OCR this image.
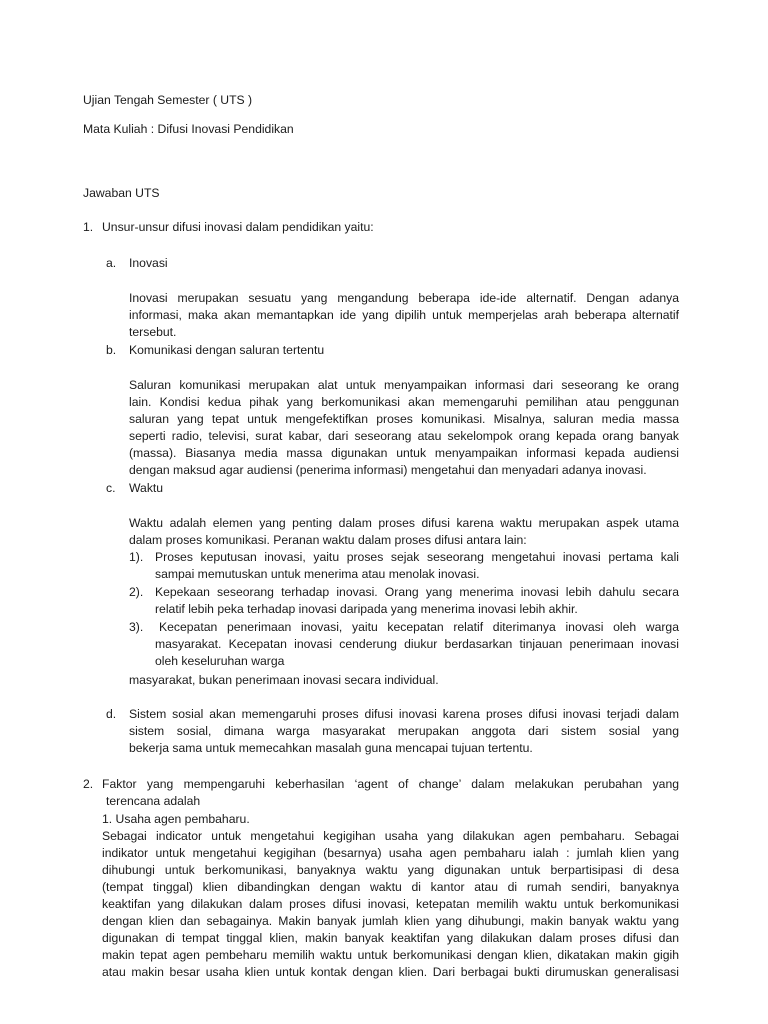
Ujian Tengah Semester ( UTS )
Mata Kuliah : Difusi Inovasi Pendidikan
Jawaban UTS
1. Unsur-unsur difusi inovasi dalam pendidikan yaitu:
a. Inovasi
Inovasi merupakan sesuatu yang mengandung beberapa ide-ide alternatif. Dengan adanya
informasi, maka akan memantapkan ide yang dipilih untuk memperjelas arah beberapa alternatif
tersebut.
b. Komunikasi dengan saluran tertentu
Saluran komunikasi merupakan alat untuk menyampaikan informasi dari seseorang ke orang
lain. Kondisi kedua pihak yang berkomunikasi akan memengaruhi pemilihan atau penggunan
saluran yang tepat untuk mengefektifkan proses komunikasi. Misalnya, saluran media massa
seperti radio, televisi, surat kabar, dari seseorang atau sekelompok orang kepada orang banyak
(massa). Biasanya media massa digunakan untuk menyampaikan informasi kepada audiensi
dengan maksud agar audiensi (penerima informasi) mengetahui dan menyadari adanya inovasi.
c. Waktu
Waktu adalah elemen yang penting dalam proses difusi karena waktu merupakan aspek utama
dalam proses komunikasi. Peranan waktu dalam proses difusi antara lain:
1). Proses keputusan inovasi, yaitu proses sejak seseorang mengetahui inovasi pertama kali
sampai memutuskan untuk menerima atau menolak inovasi.
2). Kepekaan seseorang terhadap inovasi. Orang yang menerima inovasi lebih dahulu secara
relatif lebih peka terhadap inovasi daripada yang menerima inovasi lebih akhir.
3). Kecepatan penerimaan inovasi, yaitu kecepatan relatif diterimanya inovasi oleh warga
masyarakat. Kecepatan inovasi cenderung diukur berdasarkan tinjauan penerimaan inovasi
oleh keseluruhan warga
masyarakat, bukan penerimaan inovasi secara individual.
d. Sistem sosial akan memengaruhi proses difusi inovasi karena proses difusi inovasi terjadi dalam
sistem sosial, dimana warga masyarakat merupakan anggota dari sistem sosial yang
bekerja sama untuk memecahkan masalah guna mencapai tujuan tertentu.
2. Faktor yang mempengaruhi keberhasilan ‘agent of change’ dalam melakukan perubahan yang
terencana adalah
1. Usaha agen pembaharu.
Sebagai indicator untuk mengetahui kegigihan usaha yang dilakukan agen pembaharu. Sebagai
indikator untuk mengetahui kegigihan (besarnya) usaha agen pembaharu ialah : jumlah klien yang
dihubungi untuk berkomunikasi, banyaknya waktu yang digunakan untuk berpartisipasi di desa
(tempat tinggal) klien dibandingkan dengan waktu di kantor atau di rumah sendiri, banyaknya
keaktifan yang dilakukan dalam proses difusi inovasi, ketepatan memilih waktu untuk berkomunikasi
dengan klien dan sebagainya. Makin banyak jumlah klien yang dihubungi, makin banyak waktu yang
digunakan di tempat tinggal klien, makin banyak keaktifan yang dilakukan dalam proses difusi dan
makin tepat agen pembeharu memilih waktu untuk berkomunikasi dengan klien, dikatakan makin gigih
atau makin besar usaha klien untuk kontak dengan klien. Dari berbagai bukti dirumuskan generalisasi
